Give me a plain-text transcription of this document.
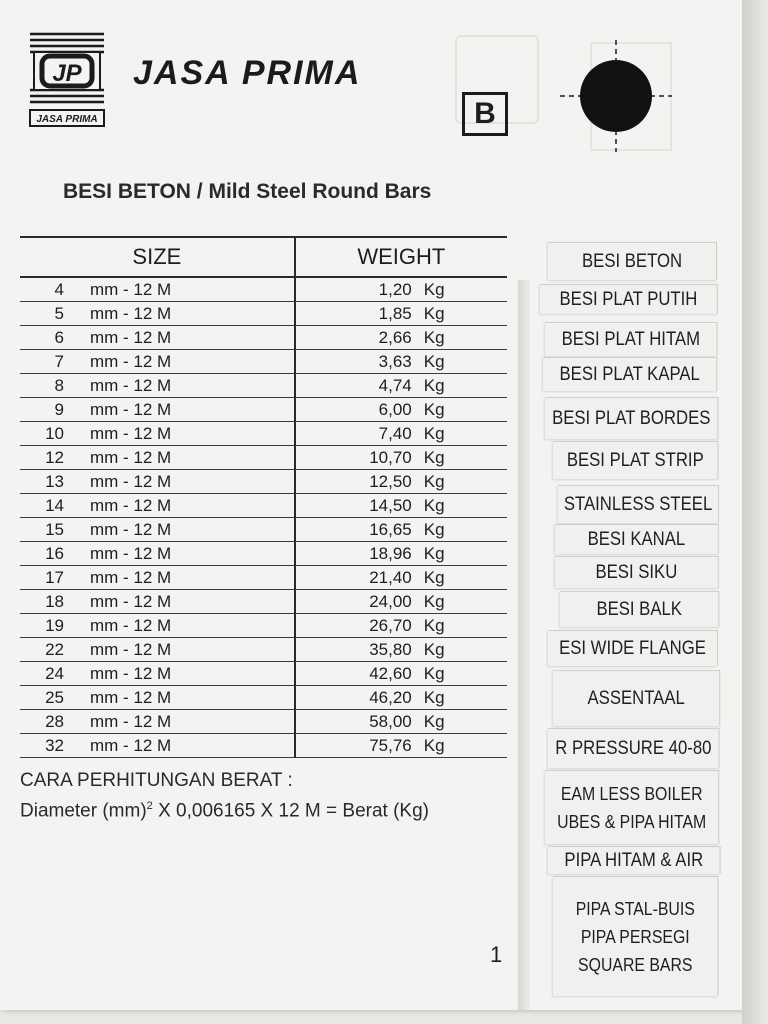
JP
JASA PRIMA
JASA PRIMA
B
BESI BETON / Mild Steel Round Bars
SIZE	WEIGHT
4 mm - 12 M	1,20 Kg
5 mm - 12 M	1,85 Kg
6 mm - 12 M	2,66 Kg
7 mm - 12 M	3,63 Kg
8 mm - 12 M	4,74 Kg
9 mm - 12 M	6,00 Kg
10 mm - 12 M	7,40 Kg
12 mm - 12 M	10,70 Kg
13 mm - 12 M	12,50 Kg
14 mm - 12 M	14,50 Kg
15 mm - 12 M	16,65 Kg
16 mm - 12 M	18,96 Kg
17 mm - 12 M	21,40 Kg
18 mm - 12 M	24,00 Kg
19 mm - 12 M	26,70 Kg
22 mm - 12 M	35,80 Kg
24 mm - 12 M	42,60 Kg
25 mm - 12 M	46,20 Kg
28 mm - 12 M	58,00 Kg
32 mm - 12 M	75,76 Kg
CARA PERHITUNGAN BERAT :
Diameter (mm)$^2$ X 0,006165 X 12 M = Berat (Kg)
1
BESI BETON
BESI PLAT PUTIH
BESI PLAT HITAM
BESI PLAT KAPAL
BESI PLAT BORDES
BESI PLAT STRIP
STAINLESS STEEL
BESI KANAL
BESI SIKU
BESI BALK
ESI WIDE FLANGE
ASSENTAAL
R PRESSURE 40-80
EAM LESS BOILER
UBES & PIPA HITAM
PIPA HITAM & AIR
PIPA STAL-BUIS
PIPA PERSEGI
SQUARE BARS
